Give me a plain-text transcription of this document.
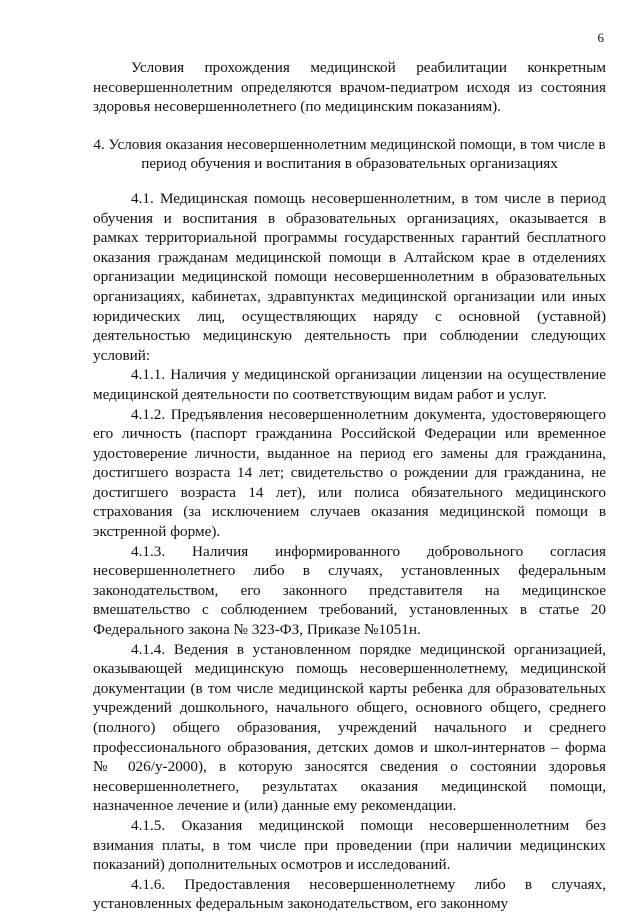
6

Условия прохождения медицинской реабилитации конкретным несовершеннолетним определяются врачом-педиатром исходя из состояния здоровья несовершеннолетнего (по медицинским показаниям).

4. Условия оказания несовершеннолетним медицинской помощи, в том числе в период обучения и воспитания в образовательных организациях

4.1. Медицинская помощь несовершеннолетним, в том числе в период обучения и воспитания в образовательных организациях, оказывается в рамках территориальной программы государственных гарантий бесплатного оказания гражданам медицинской помощи в Алтайском крае в отделениях организации медицинской помощи несовершеннолетним в образовательных организациях, кабинетах, здравпунктах медицинской организации или иных юридических лиц, осуществляющих наряду с основной (уставной) деятельностью медицинскую деятельность при соблюдении следующих условий:

4.1.1. Наличия у медицинской организации лицензии на осуществление медицинской деятельности по соответствующим видам работ и услуг.

4.1.2. Предъявления несовершеннолетним документа, удостоверяющего его личность (паспорт гражданина Российской Федерации или временное удостоверение личности, выданное на период его замены для гражданина, достигшего возраста 14 лет; свидетельство о рождении для гражданина, не достигшего возраста 14 лет), или полиса обязательного медицинского страхования (за исключением случаев оказания медицинской помощи в экстренной форме).

4.1.3. Наличия информированного добровольного согласия несовершеннолетнего либо в случаях, установленных федеральным законодательством, его законного представителя на медицинское вмешательство с соблюдением требований, установленных в статье 20 Федерального закона № 323-ФЗ, Приказе №1051н.

4.1.4. Ведения в установленном порядке медицинской организацией, оказывающей медицинскую помощь несовершеннолетнему, медицинской документации (в том числе медицинской карты ребенка для образовательных учреждений дошкольного, начального общего, основного общего, среднего (полного) общего образования, учреждений начального и среднего профессионального образования, детских домов и школ-интернатов – форма № 026/у-2000), в которую заносятся сведения о состоянии здоровья несовершеннолетнего, результатах оказания медицинской помощи, назначенное лечение и (или) данные ему рекомендации.

4.1.5. Оказания медицинской помощи несовершеннолетним без взимания платы, в том числе при проведении (при наличии медицинских показаний) дополнительных осмотров и исследований.

4.1.6. Предоставления несовершеннолетнему либо в случаях, установленных федеральным законодательством, его законному
